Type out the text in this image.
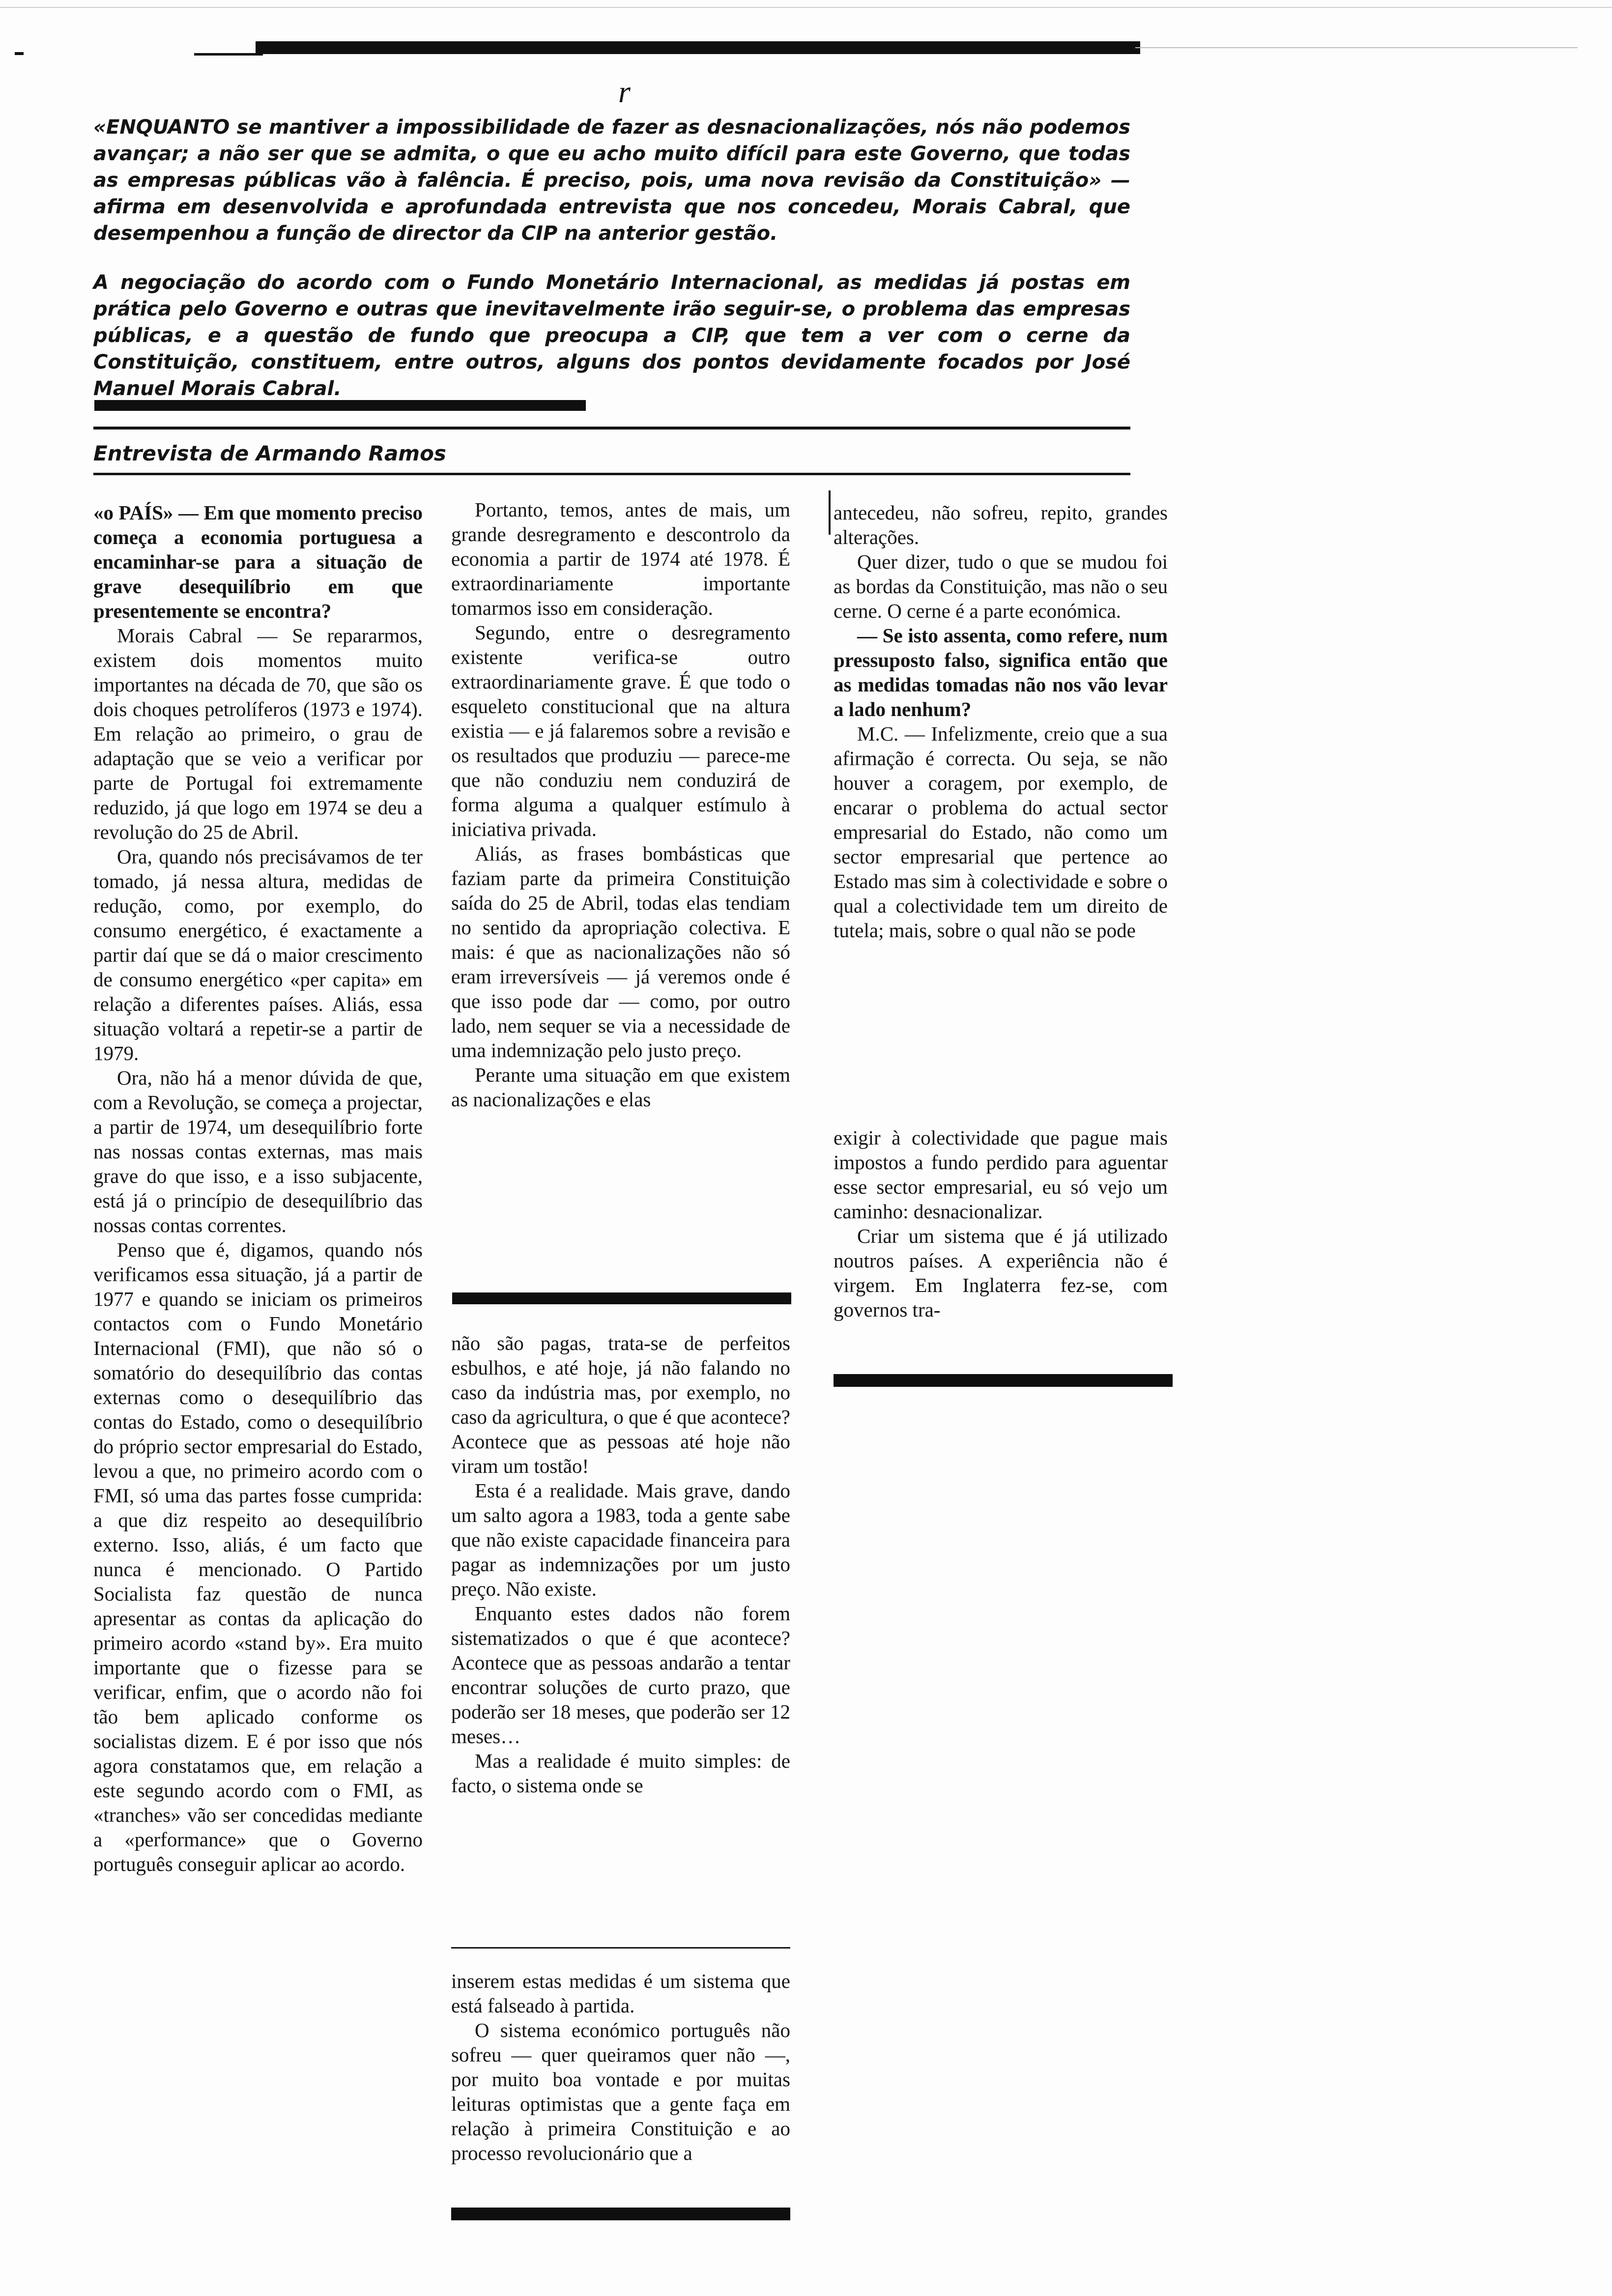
r

«ENQUANTO se mantiver a impossibilidade de fazer as desnacionalizações, nós não podemos avançar; a não ser que se admita, o que eu acho muito difícil para este Governo, que todas as empresas públicas vão à falência. É preciso, pois, uma nova revisão da Constituição» — afirma em desenvolvida e aprofundada entrevista que nos concedeu, Morais Cabral, que desempenhou a função de director da CIP na anterior gestão.

A negociação do acordo com o Fundo Monetário Internacional, as medidas já postas em prática pelo Governo e outras que inevitavelmente irão seguir-se, o problema das empresas públicas, e a questão de fundo que preocupa a CIP, que tem a ver com o cerne da Constituição, constituem, entre outros, alguns dos pontos devidamente focados por José Manuel Morais Cabral.

Entrevista de Armando Ramos

«o PAÍS» — Em que momento preciso começa a economia portuguesa a encaminhar-se para a situação de grave desequilíbrio em que presentemente se encontra?

Morais Cabral — Se repararmos, existem dois momentos muito importantes na década de 70, que são os dois choques petrolíferos (1973 e 1974). Em relação ao primeiro, o grau de adaptação que se veio a verificar por parte de Portugal foi extremamente reduzido, já que logo em 1974 se deu a revolução do 25 de Abril.

Ora, quando nós precisávamos de ter tomado, já nessa altura, medidas de redução, como, por exemplo, do consumo energético, é exactamente a partir daí que se dá o maior crescimento de consumo energético «per capita» em relação a diferentes países. Aliás, essa situação voltará a repetir-se a partir de 1979.

Ora, não há a menor dúvida de que, com a Revolução, se começa a projectar, a partir de 1974, um desequilíbrio forte nas nossas contas externas, mas mais grave do que isso, e a isso subjacente, está já o princípio de desequilíbrio das nossas contas correntes.

Penso que é, digamos, quando nós verificamos essa situação, já a partir de 1977 e quando se iniciam os primeiros contactos com o Fundo Monetário Internacional (FMI), que não só o somatório do desequilíbrio das contas externas como o desequilíbrio das contas do Estado, como o desequilíbrio do próprio sector empresarial do Estado, levou a que, no primeiro acordo com o FMI, só uma das partes fosse cumprida: a que diz respeito ao desequilíbrio externo. Isso, aliás, é um facto que nunca é mencionado. O Partido Socialista faz questão de nunca apresentar as contas da aplicação do primeiro acordo «stand by». Era muito importante que o fizesse para se verificar, enfim, que o acordo não foi tão bem aplicado conforme os socialistas dizem. E é por isso que nós agora constatamos que, em relação a este segundo acordo com o FMI, as «tranches» vão ser concedidas mediante a «performance» que o Governo português conseguir aplicar ao acordo.

Portanto, temos, antes de mais, um grande desregramento e descontrolo da economia a partir de 1974 até 1978. É extraordinariamente importante tomarmos isso em consideração.

Segundo, entre o desregramento existente verifica-se outro extraordinariamente grave. É que todo o esqueleto constitucional que na altura existia — e já falaremos sobre a revisão e os resultados que produziu — parece-me que não conduziu nem conduzirá de forma alguma a qualquer estímulo à iniciativa privada.

Aliás, as frases bombásticas que faziam parte da primeira Constituição saída do 25 de Abril, todas elas tendiam no sentido da apropriação colectiva. E mais: é que as nacionalizações não só eram irreversíveis — já veremos onde é que isso pode dar — como, por outro lado, nem sequer se via a necessidade de uma indemnização pelo justo preço.

Perante uma situação em que existem as nacionalizações e elas

não são pagas, trata-se de perfeitos esbulhos, e até hoje, já não falando no caso da indústria mas, por exemplo, no caso da agricultura, o que é que acontece? Acontece que as pessoas até hoje não viram um tostão!

Esta é a realidade. Mais grave, dando um salto agora a 1983, toda a gente sabe que não existe capacidade financeira para pagar as indemnizações por um justo preço. Não existe.

Enquanto estes dados não forem sistematizados o que é que acontece? Acontece que as pessoas andarão a tentar encontrar soluções de curto prazo, que poderão ser 18 meses, que poderão ser 12 meses…

Mas a realidade é muito simples: de facto, o sistema onde se

inserem estas medidas é um sistema que está falseado à partida.

O sistema económico português não sofreu — quer queiramos quer não —, por muito boa vontade e por muitas leituras optimistas que a gente faça em relação à primeira Constituição e ao processo revolucionário que a

antecedeu, não sofreu, repito, grandes alterações.

Quer dizer, tudo o que se mudou foi as bordas da Constituição, mas não o seu cerne. O cerne é a parte económica.

— Se isto assenta, como refere, num pressuposto falso, significa então que as medidas tomadas não nos vão levar a lado nenhum?

M.C. — Infelizmente, creio que a sua afirmação é correcta. Ou seja, se não houver a coragem, por exemplo, de encarar o problema do actual sector empresarial do Estado, não como um sector empresarial que pertence ao Estado mas sim à colectividade e sobre o qual a colectividade tem um direito de tutela; mais, sobre o qual não se pode

exigir à colectividade que pague mais impostos a fundo perdido para aguentar esse sector empresarial, eu só vejo um caminho: desnacionalizar.

Criar um sistema que é já utilizado noutros países. A experiência não é virgem. Em Inglaterra fez-se, com governos tra-
